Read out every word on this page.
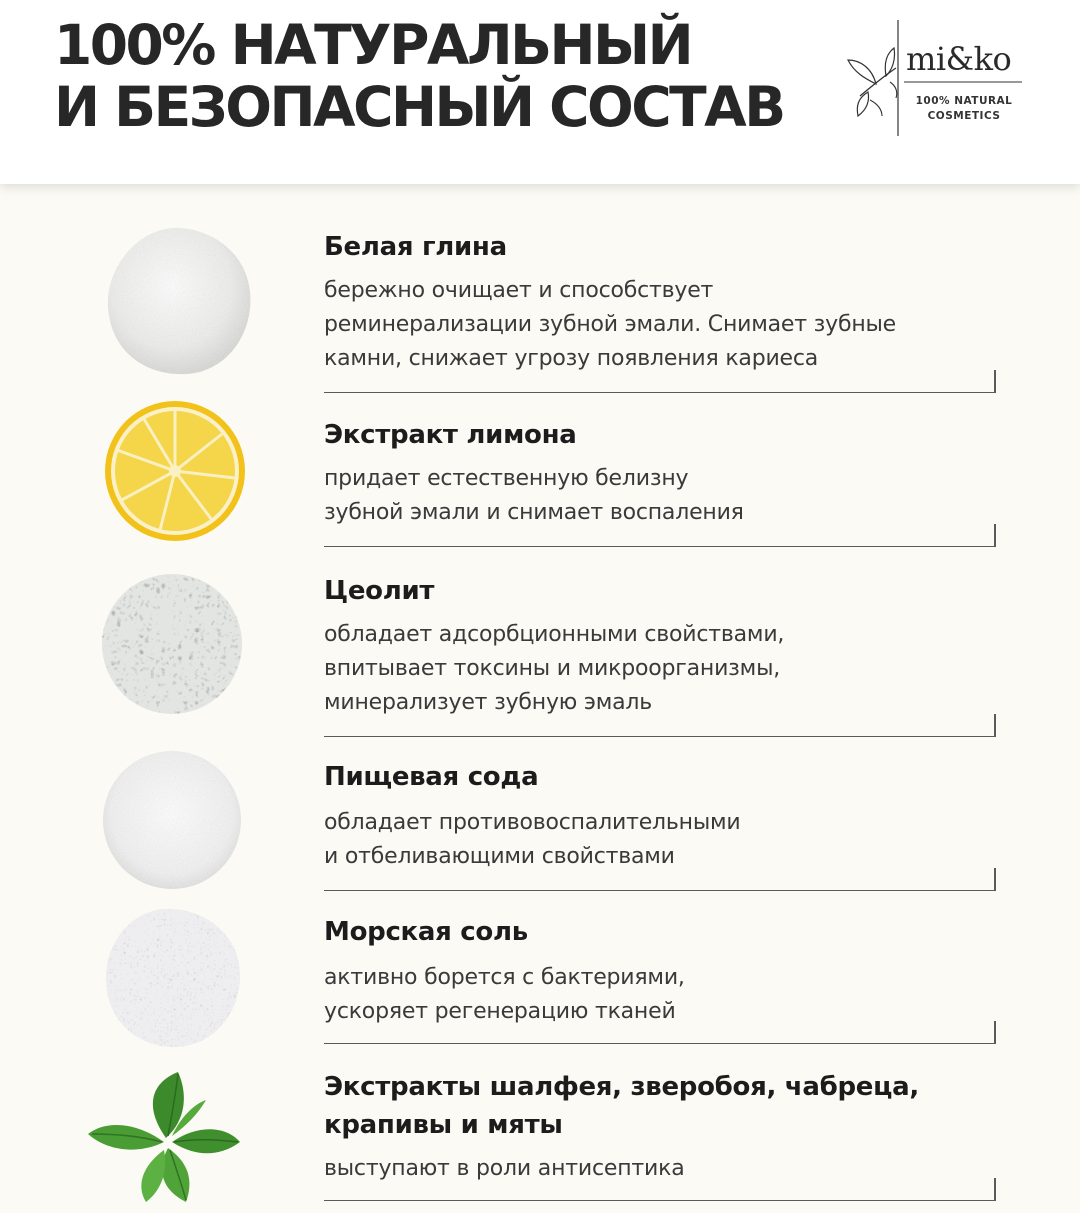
100% НАТУРАЛЬНЫЙ
И БЕЗОПАСНЫЙ СОСТАВ
mi&ko
100% NATURAL
COSMETICS
Белая глина

бережно очищает и способствует
реминерализации зубной эмали. Снимает зубные
камни, снижает угрозу появления кариеса

Экстракт лимона

придает естественную белизну
зубной эмали и снимает воспаления

Цеолит

обладает адсорбционными свойствами,
впитывает токсины и микроорганизмы,
минерализует зубную эмаль

Пищевая сода

обладает противовоспалительными
и отбеливающими свойствами

Морская соль

активно борется с бактериями,
ускоряет регенерацию тканей

Экстракты шалфея, зверобоя, чабреца, крапивы и мяты

выступают в роли антисептика
